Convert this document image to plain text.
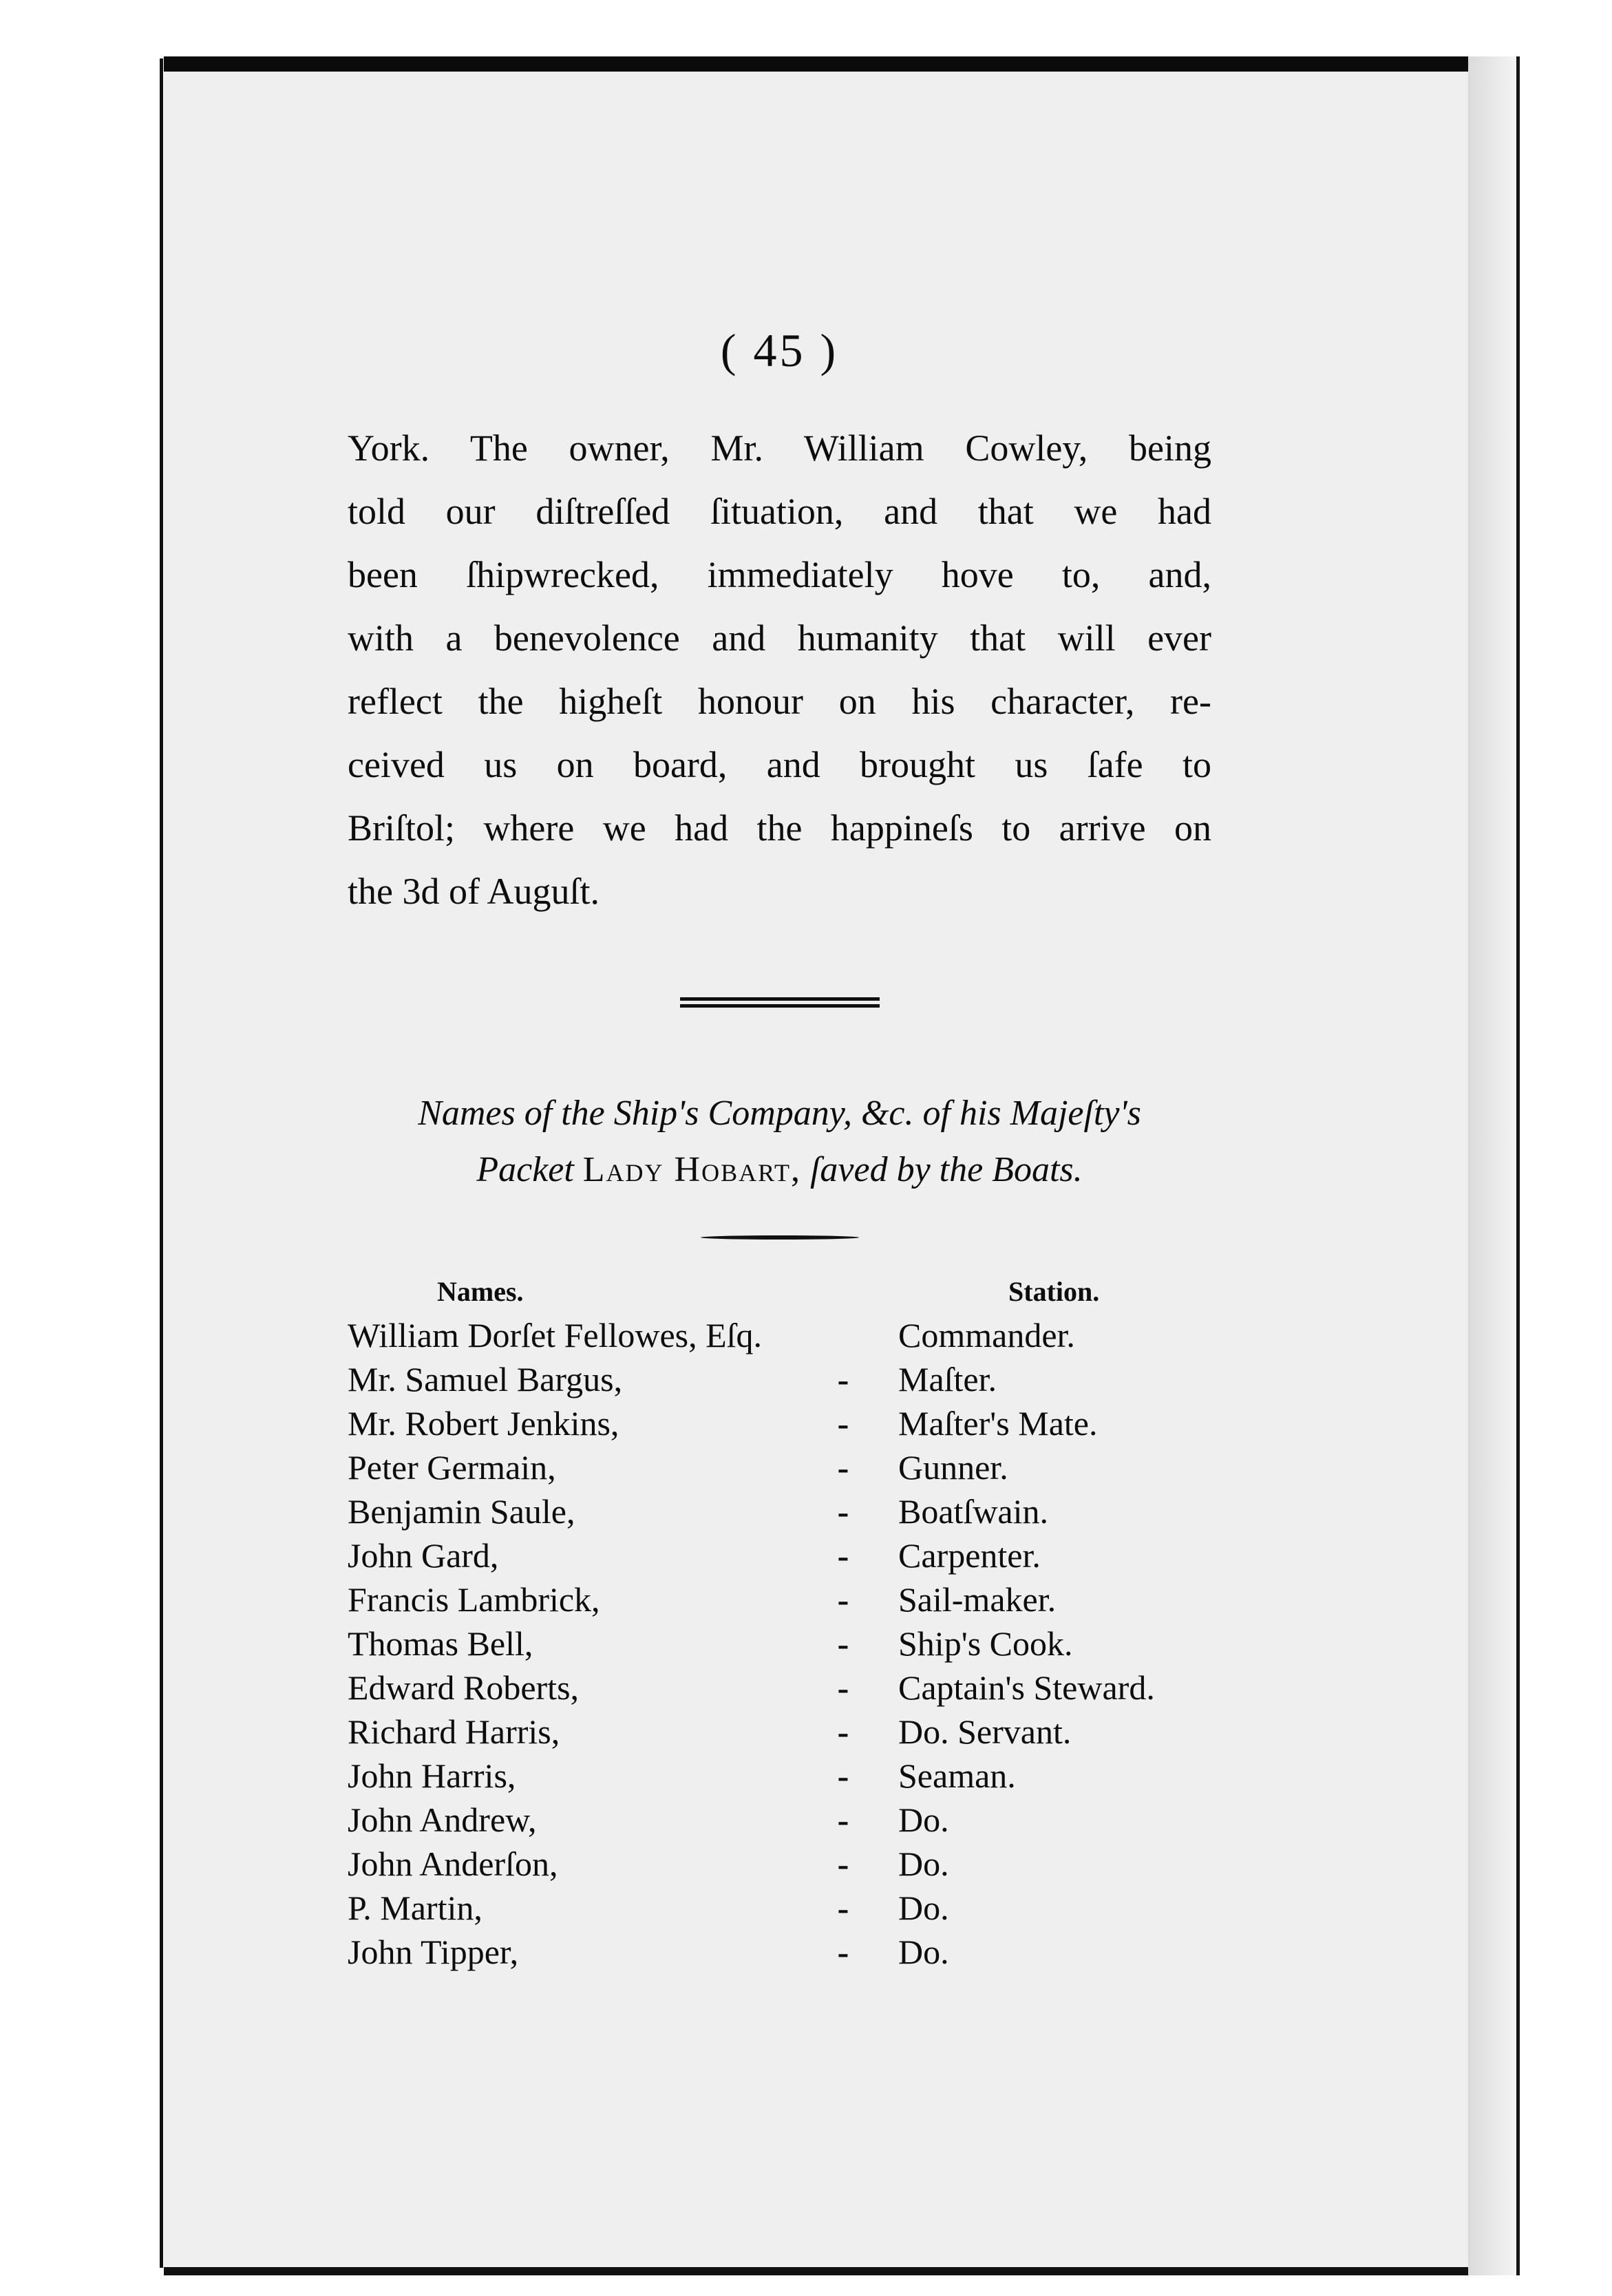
( 45 )

York. The owner, Mr. William Cowley, being
told our diſtreſſed ſituation, and that we had
been ſhipwrecked, immediately hove to, and,
with a benevolence and humanity that will ever
reflect the higheſt honour on his character, re-
ceived us on board, and brought us ſafe to
Briſtol; where we had the happineſs to arrive on
the 3d of Auguſt.

Names of the Ship's Company, &c. of his Majeſty's
Packet Lady Hobart, ſaved by the Boats.
Names.		Station.
William Dorſet Fellowes, Eſq.		Commander.
Mr. Samuel Bargus,	-	Maſter.
Mr. Robert Jenkins,	-	Maſter's Mate.
Peter Germain,	-	Gunner.
Benjamin Saule,	-	Boatſwain.
John Gard,	-	Carpenter.
Francis Lambrick,	-	Sail-maker.
Thomas Bell,	-	Ship's Cook.
Edward Roberts,	-	Captain's Steward.
Richard Harris,	-	Do. Servant.
John Harris,	-	Seaman.
John Andrew,	-	Do.
John Anderſon,	-	Do.
P. Martin,	-	Do.
John Tipper,	-	Do.
